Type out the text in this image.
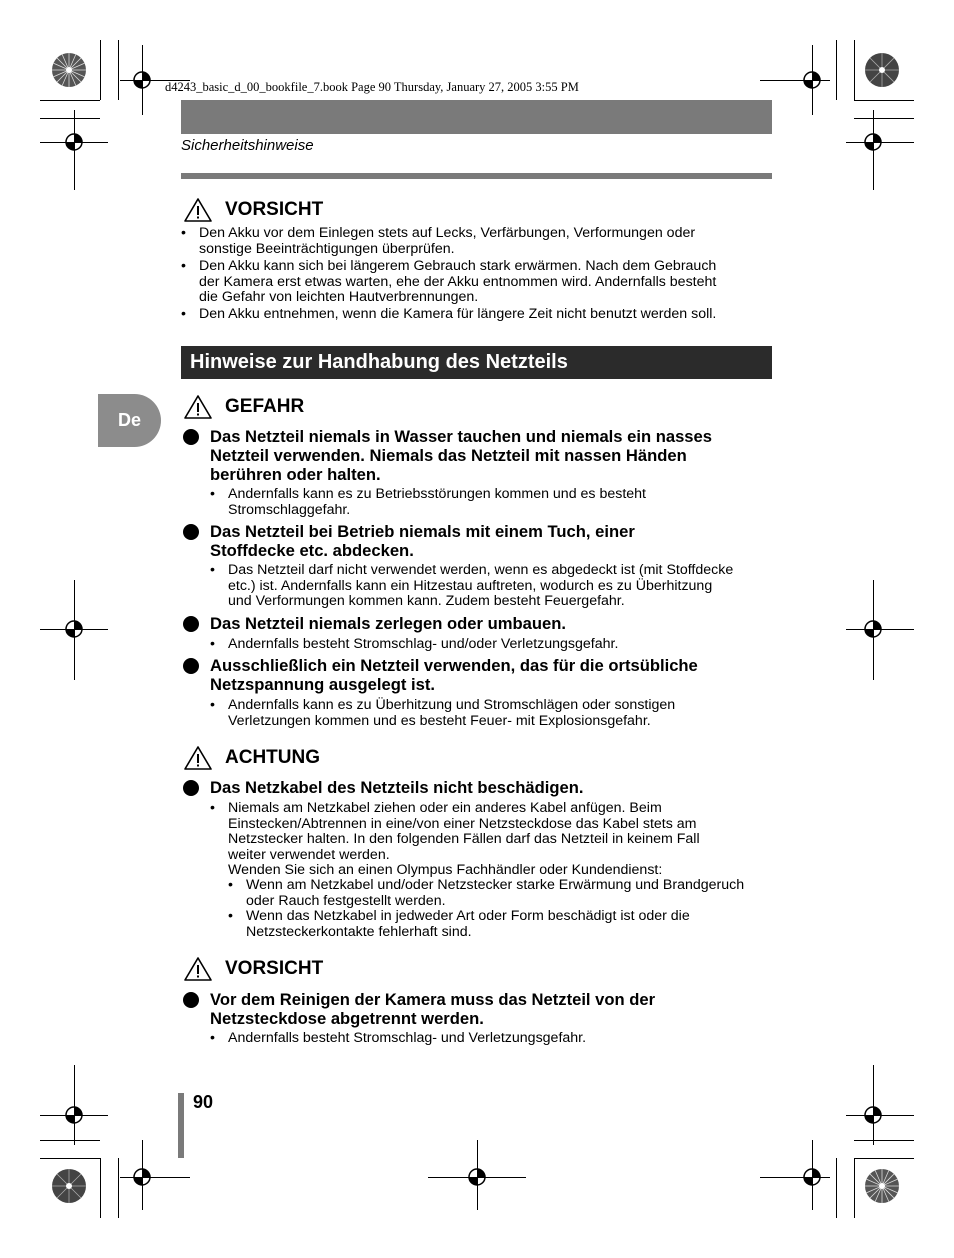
d4243_basic_d_00_bookfile_7.book Page 90 Thursday, January 27, 2005 3:55 PM
Sicherheitshinweise
VORSICHT
• Den Akku vor dem Einlegen stets auf Lecks, Verfärbungen, Verformungen oder
sonstige Beeinträchtigungen überprüfen.
• Den Akku kann sich bei längerem Gebrauch stark erwärmen. Nach dem Gebrauch
der Kamera erst etwas warten, ehe der Akku entnommen wird. Andernfalls besteht
die Gefahr von leichten Hautverbrennungen.
• Den Akku entnehmen, wenn die Kamera für längere Zeit nicht benutzt werden soll.
Hinweise zur Handhabung des Netzteils
De
GEFAHR
Das Netzteil niemals in Wasser tauchen und niemals ein nasses
Netzteil verwenden. Niemals das Netzteil mit nassen Händen
berühren oder halten.
• Andernfalls kann es zu Betriebsstörungen kommen und es besteht
Stromschlaggefahr.
Das Netzteil bei Betrieb niemals mit einem Tuch, einer
Stoffdecke etc. abdecken.
• Das Netzteil darf nicht verwendet werden, wenn es abgedeckt ist (mit Stoffdecke
etc.) ist. Andernfalls kann ein Hitzestau auftreten, wodurch es zu Überhitzung
und Verformungen kommen kann. Zudem besteht Feuergefahr.
Das Netzteil niemals zerlegen oder umbauen.
• Andernfalls besteht Stromschlag- und/oder Verletzungsgefahr.
Ausschließlich ein Netzteil verwenden, das für die ortsübliche
Netzspannung ausgelegt ist.
• Andernfalls kann es zu Überhitzung und Stromschlägen oder sonstigen
Verletzungen kommen und es besteht Feuer- mit Explosionsgefahr.
ACHTUNG
Das Netzkabel des Netzteils nicht beschädigen.
• Niemals am Netzkabel ziehen oder ein anderes Kabel anfügen. Beim
Einstecken/Abtrennen in eine/von einer Netzsteckdose das Kabel stets am
Netzstecker halten. In den folgenden Fällen darf das Netzteil in keinem Fall
weiter verwendet werden.
Wenden Sie sich an einen Olympus Fachhändler oder Kundendienst:
• Wenn am Netzkabel und/oder Netzstecker starke Erwärmung und Brandgeruch
oder Rauch festgestellt werden.
• Wenn das Netzkabel in jedweder Art oder Form beschädigt ist oder die
Netzsteckerkontakte fehlerhaft sind.
VORSICHT
Vor dem Reinigen der Kamera muss das Netzteil von der
Netzsteckdose abgetrennt werden.
• Andernfalls besteht Stromschlag- und Verletzungsgefahr.
90
